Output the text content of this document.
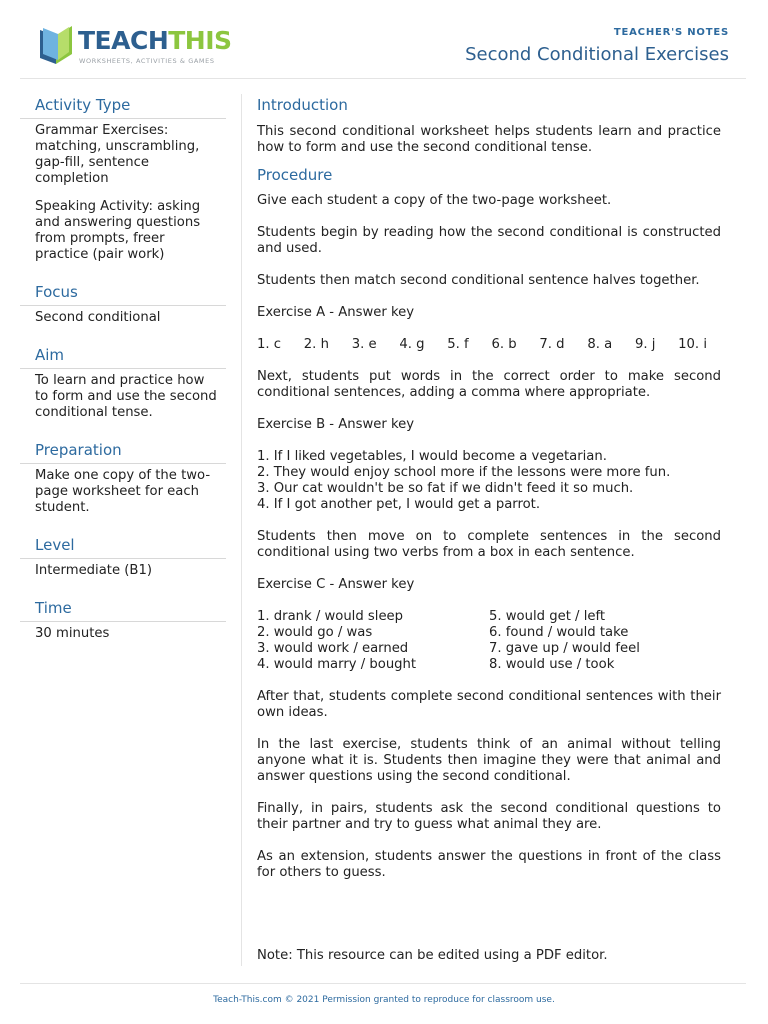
TEACHTHIS
WORKSHEETS, ACTIVITIES & GAMES
TEACHER'S NOTES
Second Conditional Exercises
Activity Type

Grammar Exercises: matching, unscrambling, gap-fill, sentence completion

Speaking Activity: asking and answering questions from prompts, freer practice (pair work)

Focus

Second conditional

Aim

To learn and practice how to form and use the second conditional tense.

Preparation

Make one copy of the two-page worksheet for each student.

Level

Intermediate (B1)

Time

30 minutes

Introduction

This second conditional worksheet helps students learn and practice how to form and use the second conditional tense.

Procedure

Give each student a copy of the two-page worksheet.

Students begin by reading how the second conditional is constructed and used.

Students then match second conditional sentence halves together.

Exercise A - Answer key

1. c 2. h 3. e 4. g 5. f 6. b 7. d 8. a 9. j 10. i

Next, students put words in the correct order to make second conditional sentences, adding a comma where appropriate.

Exercise B - Answer key

1. If I liked vegetables, I would become a vegetarian.
2. They would enjoy school more if the lessons were more fun.
3. Our cat wouldn't be so fat if we didn't feed it so much.
4. If I got another pet, I would get a parrot.

Students then move on to complete sentences in the second conditional using two verbs from a box in each sentence.

Exercise C - Answer key

1. drank / would sleep
2. would go / was
3. would work / earned
4. would marry / bought
5. would get / left
6. found / would take
7. gave up / would feel
8. would use / took

After that, students complete second conditional sentences with their own ideas.

In the last exercise, students think of an animal without telling anyone what it is. Students then imagine they were that animal and answer questions using the second conditional.

Finally, in pairs, students ask the second conditional questions to their partner and try to guess what animal they are.

As an extension, students answer the questions in front of the class for others to guess.

Note: This resource can be edited using a PDF editor.
Teach-This.com © 2021 Permission granted to reproduce for classroom use.
